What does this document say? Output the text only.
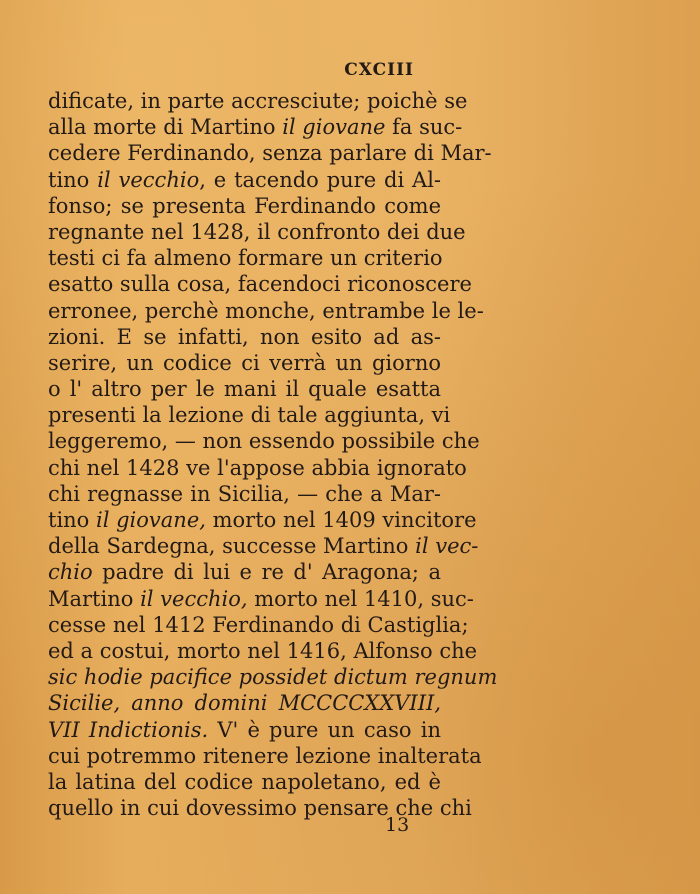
CXCIII
dificate, in parte accresciute; poichè se
alla morte di Martino il giovane fa suc-
cedere Ferdinando, senza parlare di Mar-
tino il vecchio, e tacendo pure di Al-
fonso; se presenta Ferdinando come
regnante nel 1428, il confronto dei due
testi ci fa almeno formare un criterio
esatto sulla cosa, facendoci riconoscere
erronee, perchè monche, entrambe le le-
zioni. E se infatti, non esito ad as-
serire, un codice ci verrà un giorno
o l' altro per le mani il quale esatta
presenti la lezione di tale aggiunta, vi
leggeremo, — non essendo possibile che
chi nel 1428 ve l'appose abbia ignorato
chi regnasse in Sicilia, — che a Mar-
tino il giovane, morto nel 1409 vincitore
della Sardegna, successe Martino il vec-
chio padre di lui e re d' Aragona; a
Martino il vecchio, morto nel 1410, suc-
cesse nel 1412 Ferdinando di Castiglia;
ed a costui, morto nel 1416, Alfonso che
sic hodie pacifice possidet dictum regnum
Sicilie, anno domini MCCCCXXVIII,
VII Indictionis. V' è pure un caso in
cui potremmo ritenere lezione inalterata
la latina del codice napoletano, ed è
quello in cui dovessimo pensare che chi
13
